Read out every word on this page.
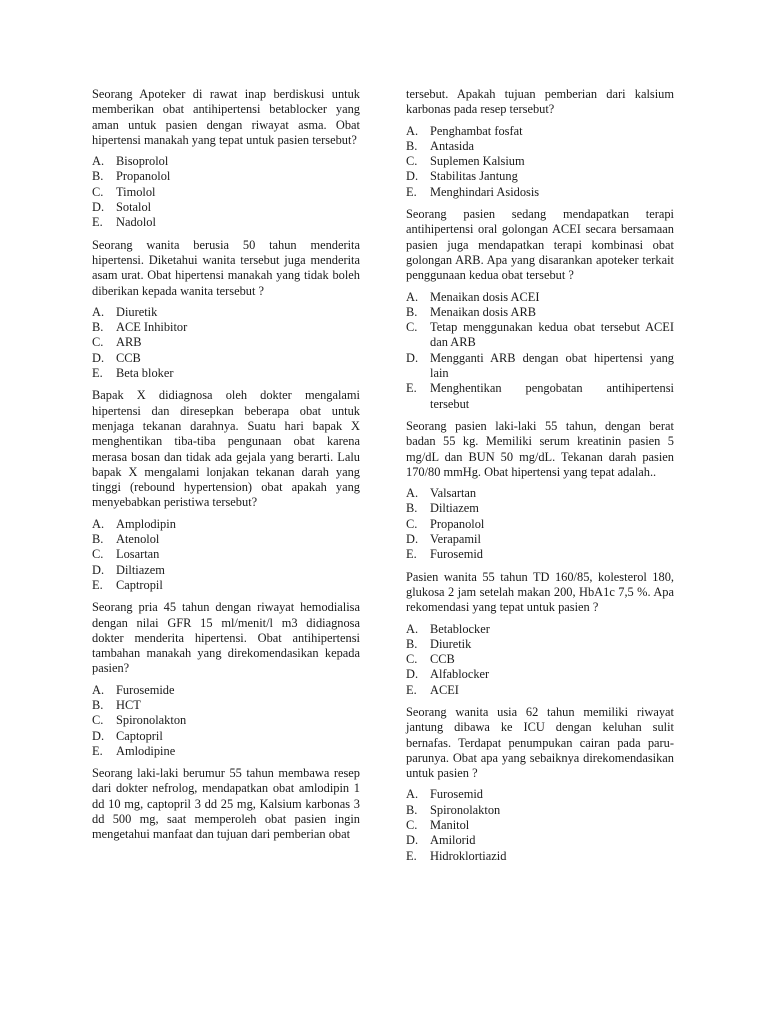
Seorang Apoteker di rawat inap berdiskusi untuk memberikan obat antihipertensi betablocker yang aman untuk pasien dengan riwayat asma. Obat hipertensi manakah yang tepat untuk pasien tersebut?

A. Bisoprolol
B.	Propanolol
C.	Timolol
D. Sotalol
E.	Nadolol

Seorang wanita berusia 50 tahun menderita hipertensi. Diketahui wanita tersebut juga menderita asam urat. Obat hipertensi manakah yang tidak boleh diberikan kepada wanita tersebut ?

A. Diuretik
B.	ACE Inhibitor
C.	ARB
D. CCB
E.	Beta bloker

Bapak X didiagnosa oleh dokter mengalami hipertensi dan diresepkan beberapa obat untuk menjaga tekanan darahnya. Suatu hari bapak X menghentikan tiba-tiba pengunaan obat karena merasa bosan dan tidak ada gejala yang berarti. Lalu bapak X mengalami lonjakan tekanan darah yang tinggi (rebound hypertension) obat apakah yang menyebabkan peristiwa tersebut?

A. Amplodipin
B.	Atenolol
C.	Losartan
D. Diltiazem
E.	Captropil

Seorang pria 45 tahun dengan riwayat hemodialisa dengan nilai GFR 15 ml/menit/l m3 didiagnosa dokter menderita hipertensi. Obat antihipertensi tambahan manakah yang direkomendasikan kepada pasien?

A. Furosemide
B.	HCT
C.	Spironolakton
D. Captopril
E.	Amlodipine

Seorang laki-laki berumur 55 tahun membawa resep dari dokter nefrolog, mendapatkan obat amlodipin 1 dd 10 mg, captopril 3 dd 25 mg, Kalsium karbonas 3 dd 500 mg, saat memperoleh obat pasien ingin mengetahui manfaat dan tujuan dari pemberian obat

tersebut. Apakah tujuan pemberian dari kalsium karbonas pada resep tersebut?

A. Penghambat fosfat
B.	Antasida
C.	Suplemen Kalsium
D. Stabilitas Jantung
E.	Menghindari Asidosis

Seorang pasien sedang mendapatkan terapi antihipertensi oral golongan ACEI secara bersamaan pasien juga mendapatkan terapi kombinasi obat golongan ARB. Apa yang disarankan apoteker terkait penggunaan kedua obat tersebut ?

A. Menaikan dosis ACEI
B.	Menaikan dosis ARB
C.	Tetap menggunakan kedua obat tersebut ACEI dan ARB
D. Mengganti ARB dengan obat hipertensi yang lain
E.	Menghentikan pengobatan antihipertensi tersebut

Seorang pasien laki-laki 55 tahun, dengan berat badan 55 kg. Memiliki serum kreatinin pasien 5 mg/dL dan BUN 50 mg/dL. Tekanan darah pasien 170/80 mmHg. Obat hipertensi yang tepat adalah..

A. Valsartan
B.	Diltiazem
C.	Propanolol
D. Verapamil
E.	Furosemid

Pasien wanita 55 tahun TD 160/85, kolesterol 180, glukosa 2 jam setelah makan 200, HbA1c 7,5 %. Apa rekomendasi yang tepat untuk pasien ?

A. Betablocker
B.	Diuretik
C.	CCB
D. Alfablocker
E.	ACEI

Seorang wanita usia 62 tahun memiliki riwayat jantung dibawa ke ICU dengan keluhan sulit bernafas. Terdapat penumpukan cairan pada paru-parunya. Obat apa yang sebaiknya direkomendasikan untuk pasien ?

A. Furosemid
B.	Spironolakton
C.	Manitol
D. Amilorid
E.	Hidroklortiazid
